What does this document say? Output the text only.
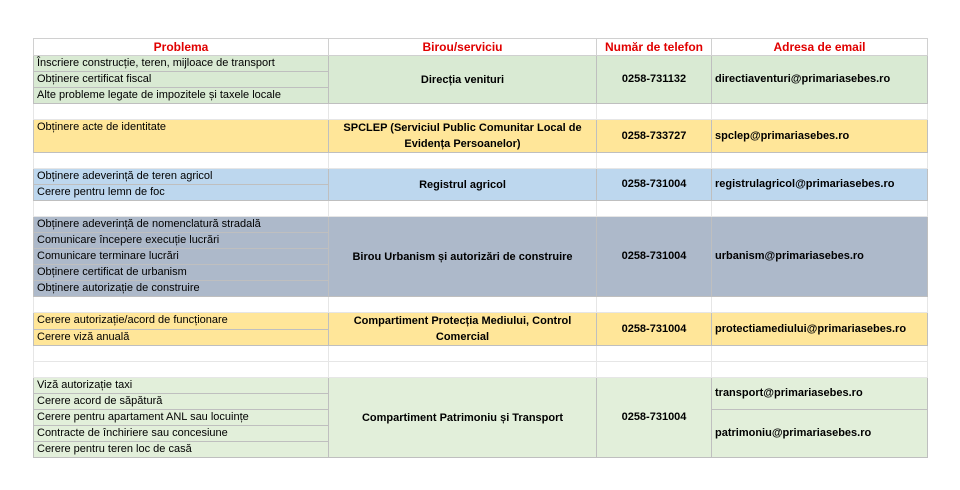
Problema	Birou/serviciu	Număr de telefon	Adresa de email
Înscriere construcție, teren, mijloace de transport	Direcția venituri	0258-731132	directiaventuri@primariasebes.ro
Obținere certificat fiscal			
Alte probleme legate de impozitele și taxele locale			

Obținere acte de identitate	SPCLEP (Serviciul Public Comunitar Local de Evidența Persoanelor)	0258-733727	spclep@primariasebes.ro

Obținere adeverință de teren agricol	Registrul agricol	0258-731004	registrulagricol@primariasebes.ro
Cerere pentru lemn de foc			

Obținere adeverință de nomenclatură stradală	Birou Urbanism și autorizări de construire	0258-731004	urbanism@primariasebes.ro
Comunicare începere execuție lucrări			
Comunicare terminare lucrări			
Obținere certificat de urbanism			
Obținere autorizație de construire			

Cerere autorizație/acord de funcționare	Compartiment Protecția Mediului, Control Comercial	0258-731004	protectiamediului@primariasebes.ro
Cerere viză anuală			

Viză autorizație taxi	Compartiment Patrimoniu și Transport	0258-731004	transport@primariasebes.ro
Cerere acord de săpătură			
Cerere pentru apartament ANL sau locuințe			patrimoniu@primariasebes.ro
Contracte de închiriere sau concesiune			
Cerere pentru teren loc de casă			
